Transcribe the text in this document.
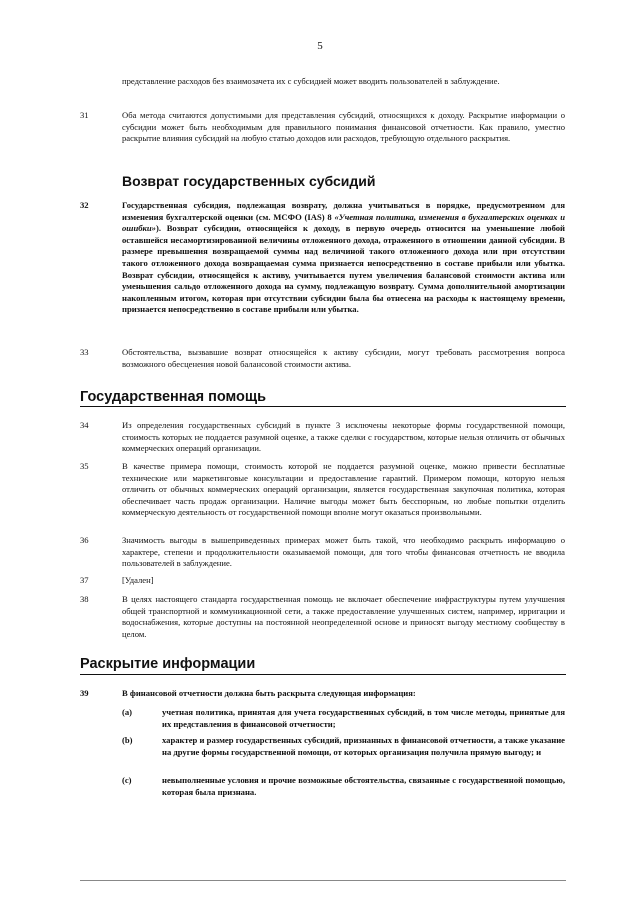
5
представление расходов без взаимозачета их с субсидией может вводить пользователей в заблуждение.
31	Оба метода считаются допустимыми для представления субсидий, относящихся к доходу. Раскрытие информации о субсидии может быть необходимым для правильного понимания финансовой отчетности. Как правило, уместно раскрытие влияния субсидий на любую статью доходов или расходов, требующую отдельного раскрытия.
Возврат государственных субсидий
32	Государственная субсидия, подлежащая возврату, должна учитываться в порядке, предусмотренном для изменения бухгалтерской оценки (см. МСФО (IAS) 8 «Учетная политика, изменения в бухгалтерских оценках и ошибки»). Возврат субсидии, относящейся к доходу, в первую очередь относится на уменьшение любой оставшейся несамортизированной величины отложенного дохода, отраженного в отношении данной субсидии. В размере превышения возвращаемой суммы над величиной такого отложенного дохода или при отсутствии такого отложенного дохода возвращаемая сумма признается непосредственно в составе прибыли или убытка. Возврат субсидии, относящейся к активу, учитывается путем увеличения балансовой стоимости актива или уменьшения сальдо отложенного дохода на сумму, подлежащую возврату. Сумма дополнительной амортизации накопленным итогом, которая при отсутствии субсидии была бы отнесена на расходы к настоящему времени, признается непосредственно в составе прибыли или убытка.
33	Обстоятельства, вызвавшие возврат относящейся к активу субсидии, могут требовать рассмотрения вопроса возможного обесценения новой балансовой стоимости актива.
Государственная помощь
34	Из определения государственных субсидий в пункте 3 исключены некоторые формы государственной помощи, стоимость которых не поддается разумной оценке, а также сделки с государством, которые нельзя отличить от обычных коммерческих операций организации.
35	В качестве примера помощи, стоимость которой не поддается разумной оценке, можно привести бесплатные технические или маркетинговые консультации и предоставление гарантий. Примером помощи, которую нельзя отличить от обычных коммерческих операций организации, является государственная закупочная политика, которая обеспечивает часть продаж организации. Наличие выгоды может быть бесспорным, но любые попытки отделить коммерческую деятельность от государственной помощи вполне могут оказаться произвольными.
36	Значимость выгоды в вышеприведенных примерах может быть такой, что необходимо раскрыть информацию о характере, степени и продолжительности оказываемой помощи, для того чтобы финансовая отчетность не вводила пользователей в заблуждение.
37	[Удален]
38	В целях настоящего стандарта государственная помощь не включает обеспечение инфраструктуры путем улучшения общей транспортной и коммуникационной сети, а также предоставление улучшенных систем, например, ирригации и водоснабжения, которые доступны на постоянной неопределенной основе и приносят выгоду местному сообществу в целом.
Раскрытие информации
39	В финансовой отчетности должна быть раскрыта следующая информация:
(a)	учетная политика, принятая для учета государственных субсидий, в том числе методы, принятые для их представления в финансовой отчетности;
(b)	характер и размер государственных субсидий, признанных в финансовой отчетности, а также указание на другие формы государственной помощи, от которых организация получила прямую выгоду; и
(c)	невыполненные условия и прочие возможные обстоятельства, связанные с государственной помощью, которая была признана.
